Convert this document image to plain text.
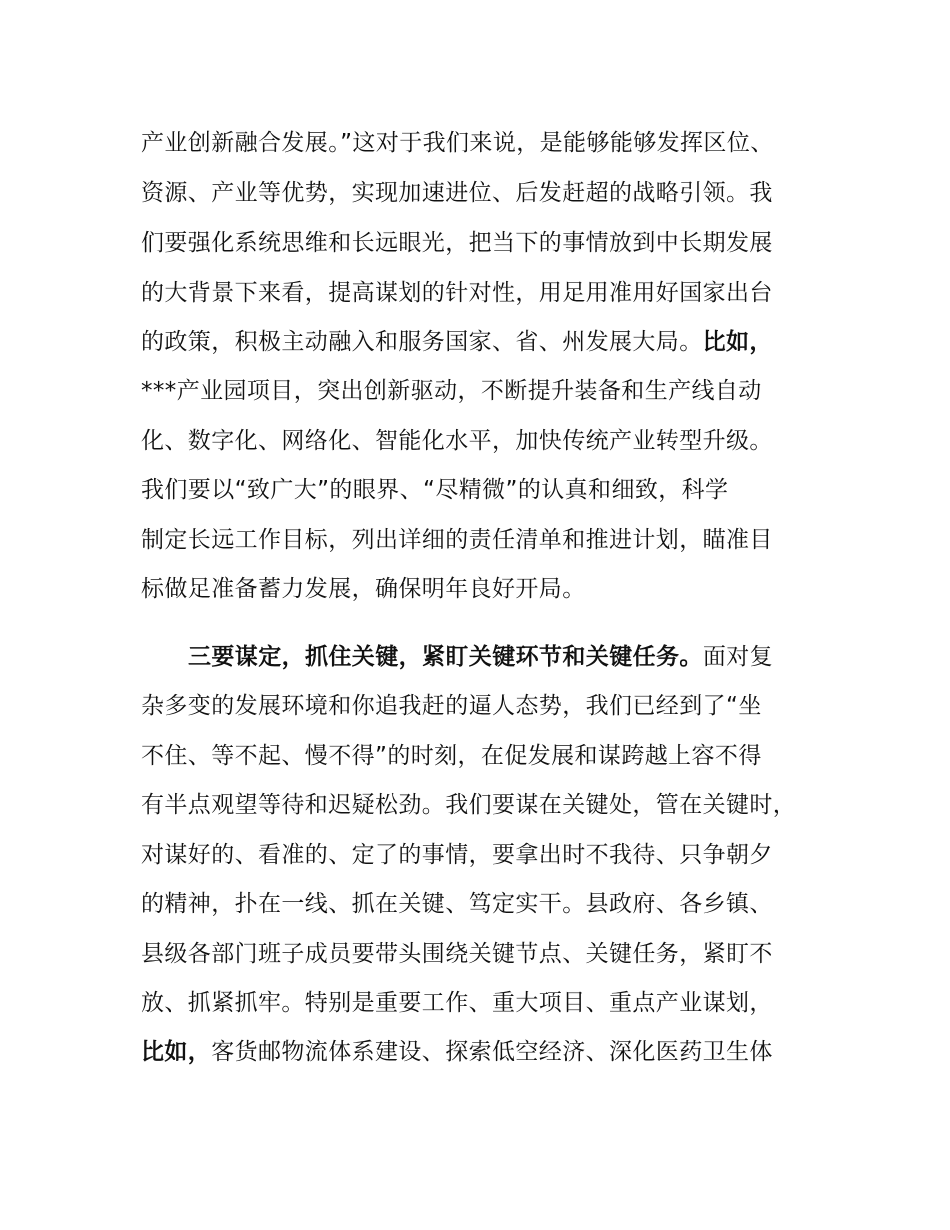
产业创新融合发展。”这对于我们来说，是能够能够发挥区位、
资源、产业等优势，实现加速进位、后发赶超的战略引领。我
们要强化系统思维和长远眼光，把当下的事情放到中长期发展
的大背景下来看，提高谋划的针对性，用足用准用好国家出台
的政策，积极主动融入和服务国家、省、州发展大局。比如，
***产业园项目，突出创新驱动，不断提升装备和生产线自动
化、数字化、网络化、智能化水平，加快传统产业转型升级。
我们要以“致广大”的眼界、“尽精微”的认真和细致，科学
制定长远工作目标，列出详细的责任清单和推进计划，瞄准目
标做足准备蓄力发展，确保明年良好开局。
三要谋定，抓住关键，紧盯关键环节和关键任务。面对复
杂多变的发展环境和你追我赶的逼人态势，我们已经到了“坐
不住、等不起、慢不得”的时刻，在促发展和谋跨越上容不得
有半点观望等待和迟疑松劲。我们要谋在关键处，管在关键时，
对谋好的、看准的、定了的事情，要拿出时不我待、只争朝夕
的精神，扑在一线、抓在关键、笃定实干。县政府、各乡镇、
县级各部门班子成员要带头围绕关键节点、关键任务，紧盯不
放、抓紧抓牢。特别是重要工作、重大项目、重点产业谋划，
比如，客货邮物流体系建设、探索低空经济、深化医药卫生体
